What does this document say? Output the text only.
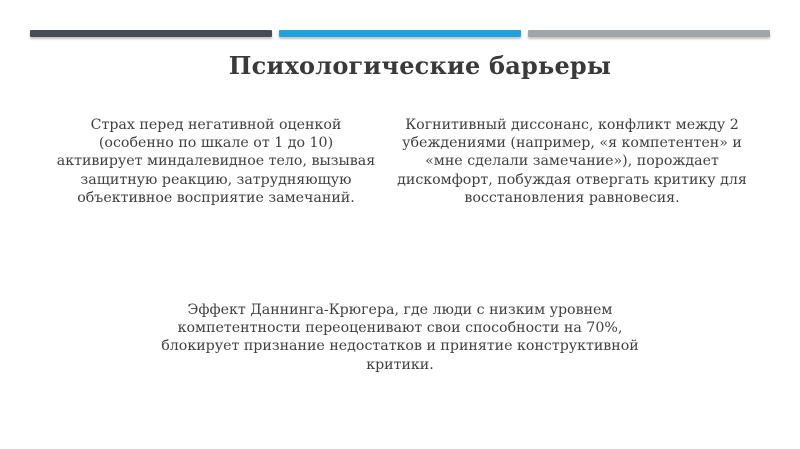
Психологические барьеры
Страх перед негативной оценкой (особенно по шкале от 1 до 10) активирует миндалевидное тело, вызывая защитную реакцию, затрудняющую объективное восприятие замечаний.
Когнитивный диссонанс, конфликт между 2 убеждениями (например, «я компетентен» и «мне сделали замечание»), порождает дискомфорт, побуждая отвергать критику для восстановления равновесия.
Эффект Даннинга-Крюгера, где люди с низким уровнем компетентности переоценивают свои способности на 70%, блокирует признание недостатков и принятие конструктивной критики.
